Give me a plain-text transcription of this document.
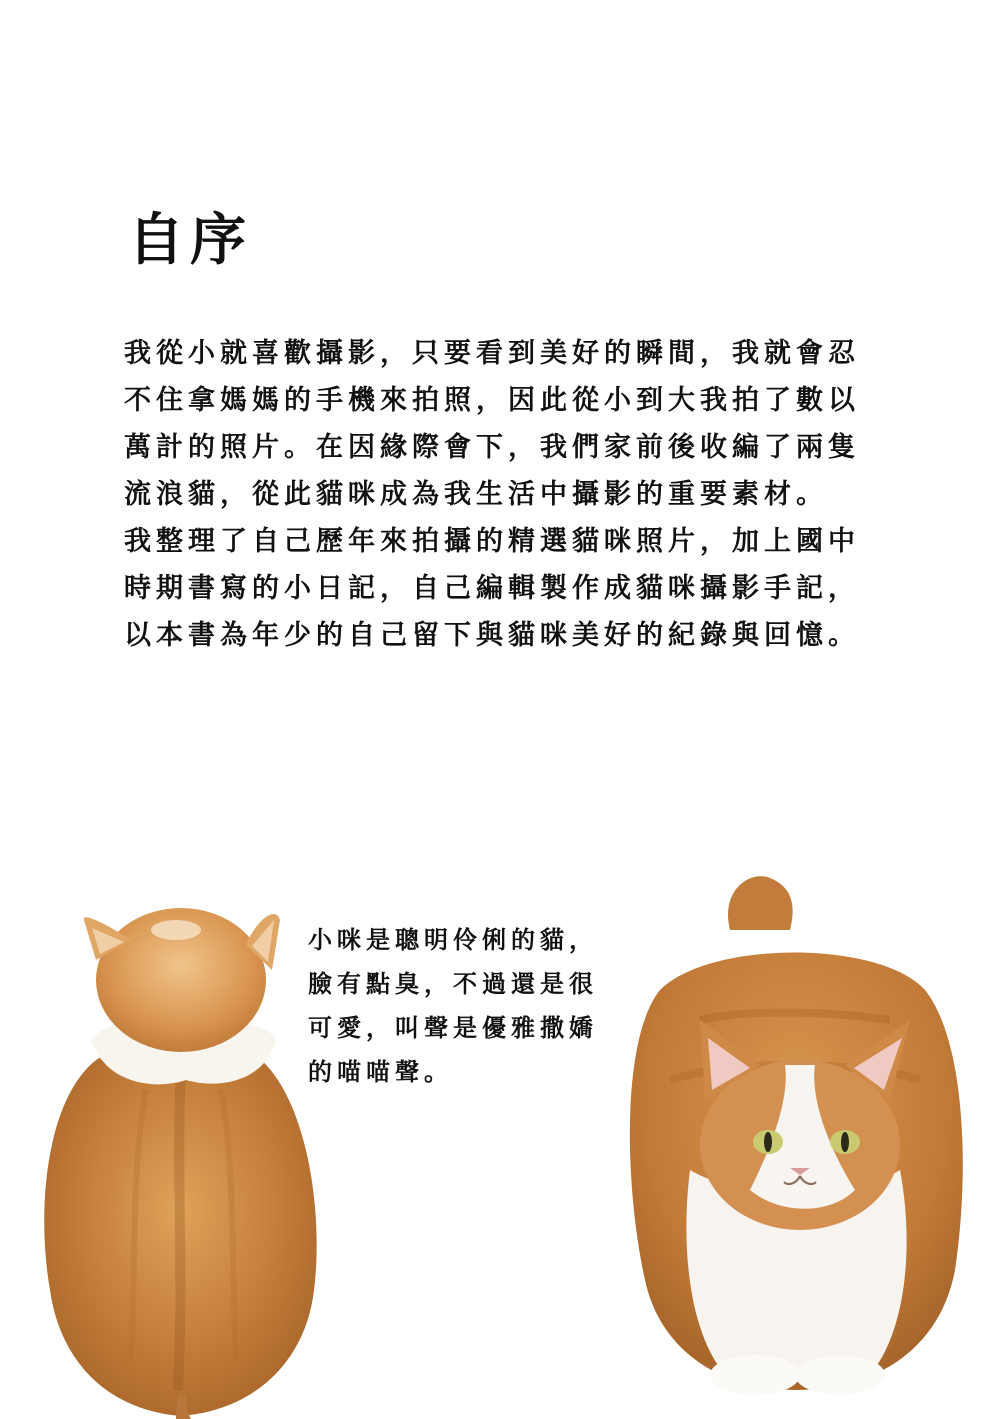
自序
我從小就喜歡攝影，只要看到美好的瞬間，我就會忍
不住拿媽媽的手機來拍照，因此從小到大我拍了數以
萬計的照片。在因緣際會下，我們家前後收編了兩隻
流浪貓，從此貓咪成為我生活中攝影的重要素材。
我整理了自己歷年來拍攝的精選貓咪照片，加上國中
時期書寫的小日記，自己編輯製作成貓咪攝影手記，
以本書為年少的自己留下與貓咪美好的紀錄與回憶。
小咪是聰明伶俐的貓，
臉有點臭，不過還是很
可愛，叫聲是優雅撒嬌
的喵喵聲。
